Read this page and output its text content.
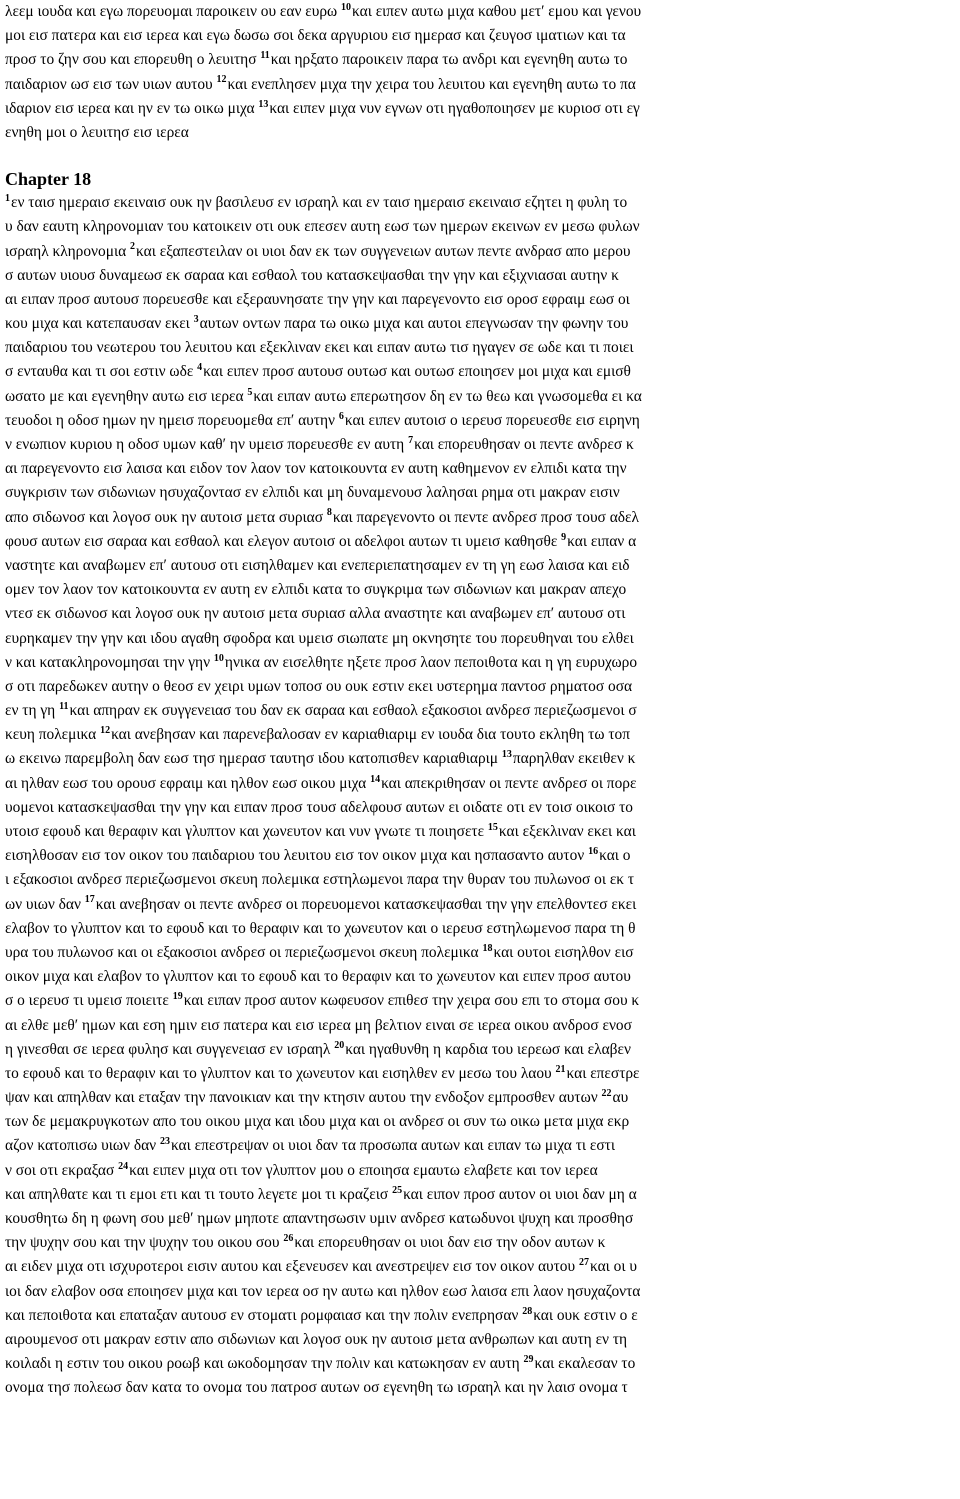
λεεμ ιουδα και εγω πορευομαι παροικειν ου εαν ευρω $^{10}$και ειπεν αυτω μιχα καθου μετ′ εμου και γενου
μοι εισ πατερα και εισ ιερεα και εγω δωσω σοι δεκα αργυριου εισ ημερασ και ζευγοσ ιματιων και τα
προσ το ζην σου και επορευθη ο λευιτησ $^{11}$και ηρξατο παροικειν παρα τω ανδρι και εγενηθη αυτω το
παιδαριον ωσ εισ των υιων αυτου $^{12}$και ενεπλησεν μιχα την χειρα του λευιτου και εγενηθη αυτω το πα
ιδαριον εισ ιερεα και ην εν τω οικω μιχα $^{13}$και ειπεν μιχα νυν εγνων οτι ηγαθοποιησεν με κυριοσ οτι εγ
ενηθη μοι ο λευιτησ εισ ιερεα
Chapter 18
$^1$εν ταισ ημεραισ εκειναισ ουκ ην βασιλευσ εν ισραηλ και εν ταισ ημεραισ εκειναισ εζητει η φυλη το
υ δαν εαυτη κληρονομιαν του κατοικειν οτι ουκ επεσεν αυτη εωσ των ημερων εκεινων εν μεσω φυλων
ισραηλ κληρονομια $^2$και εξαπεστειλαν οι υιοι δαν εκ των συγγενειων αυτων πεντε ανδρασ απο μερου
σ αυτων υιουσ δυναμεωσ εκ σαραα και εσθαολ του κατασκεψασθαι την γην και εξιχνιασαι αυτην κ
αι ειπαν προσ αυτουσ πορευεσθε και εξεραυνησατε την γην και παρεγενοντο εισ οροσ εφραιμ εωσ οι
κου μιχα και κατεπαυσαν εκει $^3$αυτων οντων παρα τω οικω μιχα και αυτοι επεγνωσαν την φωνην του
παιδαριου του νεωτερου του λευιτου και εξεκλιναν εκει και ειπαν αυτω τισ ηγαγεν σε ωδε και τι ποιει
σ ενταυθα και τι σοι εστιν ωδε $^4$και ειπεν προσ αυτουσ ουτωσ και ουτωσ εποιησεν μοι μιχα και εμισθ
ωσατο με και εγενηθην αυτω εισ ιερεα $^5$και ειπαν αυτω επερωτησον δη εν τω θεω και γνωσομεθα ει κα
τευοδοι η οδοσ ημων ην ημεισ πορευομεθα επ′ αυτην $^6$και ειπεν αυτοισ ο ιερευσ πορευεσθε εισ ειρηνη
ν ενωπιον κυριου η οδοσ υμων καθ′ ην υμεισ πορευεσθε εν αυτη $^7$και επορευθησαν οι πεντε ανδρεσ κ
αι παρεγενοντο εισ λαισα και ειδον τον λαον τον κατοικουντα εν αυτη καθημενον εν ελπιδι κατα την
συγκρισιν των σιδωνιων ησυχαζοντασ εν ελπιδι και μη δυναμενουσ λαλησαι ρημα οτι μακραν εισιν
απο σιδωνοσ και λογοσ ουκ ην αυτοισ μετα συριασ $^8$και παρεγενοντο οι πεντε ανδρεσ προσ τουσ αδελ
φουσ αυτων εισ σαραα και εσθαολ και ελεγον αυτοισ οι αδελφοι αυτων τι υμεισ καθησθε $^9$και ειπαν α
ναστητε και αναβωμεν επ′ αυτουσ οτι εισηλθαμεν και ενεπεριεπατησαμεν εν τη γη εωσ λαισα και ειδ
ομεν τον λαον τον κατοικουντα εν αυτη εν ελπιδι κατα το συγκριμα των σιδωνιων και μακραν απεχο
ντεσ εκ σιδωνοσ και λογοσ ουκ ην αυτοισ μετα συριασ αλλα αναστητε και αναβωμεν επ′ αυτουσ οτι
ευρηκαμεν την γην και ιδου αγαθη σφοδρα και υμεισ σιωπατε μη οκνησητε του πορευθηναι του ελθει
ν και κατακληρονομησαι την γην $^{10}$ηνικα αν εισελθητε ηξετε προσ λαον πεποιθοτα και η γη ευρυχωρο
σ οτι παρεδωκεν αυτην ο θεοσ εν χειρι υμων τοποσ ου ουκ εστιν εκει υστερημα παντοσ ρηματοσ οσα
εν τη γη $^{11}$και απηραν εκ συγγενειασ του δαν εκ σαραα και εσθαολ εξακοσιοι ανδρεσ περιεζωσμενοι σ
κευη πολεμικα $^{12}$και ανεβησαν και παρενεβαλοσαν εν καριαθιαριμ εν ιουδα δια τουτο εκληθη τω τοπ
ω εκεινω παρεμβολη δαν εωσ τησ ημερασ ταυτησ ιδου κατοπισθεν καριαθιαριμ $^{13}$παρηλθαν εκειθεν κ
αι ηλθαν εωσ του ορουσ εφραιμ και ηλθον εωσ οικου μιχα $^{14}$και απεκριθησαν οι πεντε ανδρεσ οι πορε
υομενοι κατασκεψασθαι την γην και ειπαν προσ τουσ αδελφουσ αυτων ει οιδατε οτι εν τοισ οικοισ το
υτοισ εφουδ και θεραφιν και γλυπτον και χωνευτον και νυν γνωτε τι ποιησετε $^{15}$και εξεκλιναν εκει και
εισηλθοσαν εισ τον οικον του παιδαριου του λευιτου εισ τον οικον μιχα και ησπασαντο αυτον $^{16}$και ο
ι εξακοσιοι ανδρεσ περιεζωσμενοι σκευη πολεμικα εστηλωμενοι παρα την θυραν του πυλωνοσ οι εκ τ
ων υιων δαν $^{17}$και ανεβησαν οι πεντε ανδρεσ οι πορευομενοι κατασκεψασθαι την γην επελθοντεσ εκει
ελαβον το γλυπτον και το εφουδ και το θεραφιν και το χωνευτον και ο ιερευσ εστηλωμενοσ παρα τη θ
υρα του πυλωνοσ και οι εξακοσιοι ανδρεσ οι περιεζωσμενοι σκευη πολεμικα $^{18}$και ουτοι εισηλθον εισ
οικον μιχα και ελαβον το γλυπτον και το εφουδ και το θεραφιν και το χωνευτον και ειπεν προσ αυτου
σ ο ιερευσ τι υμεισ ποιειτε $^{19}$και ειπαν προσ αυτον κωφευσον επιθεσ την χειρα σου επι το στομα σου κ
αι ελθε μεθ′ ημων και εση ημιν εισ πατερα και εισ ιερεα μη βελτιον ειναι σε ιερεα οικου ανδροσ ενοσ
η γινεσθαι σε ιερεα φυλησ και συγγενειασ εν ισραηλ $^{20}$και ηγαθυνθη η καρδια του ιερεωσ και ελαβεν
το εφουδ και το θεραφιν και το γλυπτον και το χωνευτον και εισηλθεν εν μεσω του λαου $^{21}$και επεστρε
ψαν και απηλθαν και εταξαν την πανοικιαν και την κτησιν αυτου την ενδοξον εμπροσθεν αυτων $^{22}$αυ
των δε μεμακρυγκοτων απο του οικου μιχα και ιδου μιχα και οι ανδρεσ οι συν τω οικω μετα μιχα εκρ
αζον κατοπισω υιων δαν $^{23}$και επεστρεψαν οι υιοι δαν τα προσωπα αυτων και ειπαν τω μιχα τι εστι
ν σοι οτι εκραξασ $^{24}$και ειπεν μιχα οτι τον γλυπτον μου ο εποιησα εμαυτω ελαβετε και τον ιερεα
και απηλθατε και τι εμοι ετι και τι τουτο λεγετε μοι τι κραζεισ $^{25}$και ειπον προσ αυτον οι υιοι δαν μη α
κουσθητω δη η φωνη σου μεθ′ ημων μηποτε απαντησωσιν υμιν ανδρεσ κατωδυνοι ψυχη και προσθησ
την ψυχην σου και την ψυχην του οικου σου $^{26}$και επορευθησαν οι υιοι δαν εισ την οδον αυτων κ
αι ειδεν μιχα οτι ισχυροτεροι εισιν αυτου και εξενευσεν και ανεστρεψεν εισ τον οικον αυτου $^{27}$και οι υ
ιοι δαν ελαβον οσα εποιησεν μιχα και τον ιερεα οσ ην αυτω και ηλθον εωσ λαισα επι λαον ησυχαζοντα
και πεποιθοτα και επαταξαν αυτουσ εν στοματι ρομφαιασ και την πολιν ενεπρησαν $^{28}$και ουκ εστιν ο ε
αιρουμενοσ οτι μακραν εστιν απο σιδωνιων και λογοσ ουκ ην αυτοισ μετα ανθρωπων και αυτη εν τη
κοιλαδι η εστιν του οικου ροωβ και ωκοδομησαν την πολιν και κατωκησαν εν αυτη $^{29}$και εκαλεσαν το
ονομα τησ πολεωσ δαν κατα το ονομα του πατροσ αυτων οσ εγενηθη τω ισραηλ και ην λαισ ονομα τ
